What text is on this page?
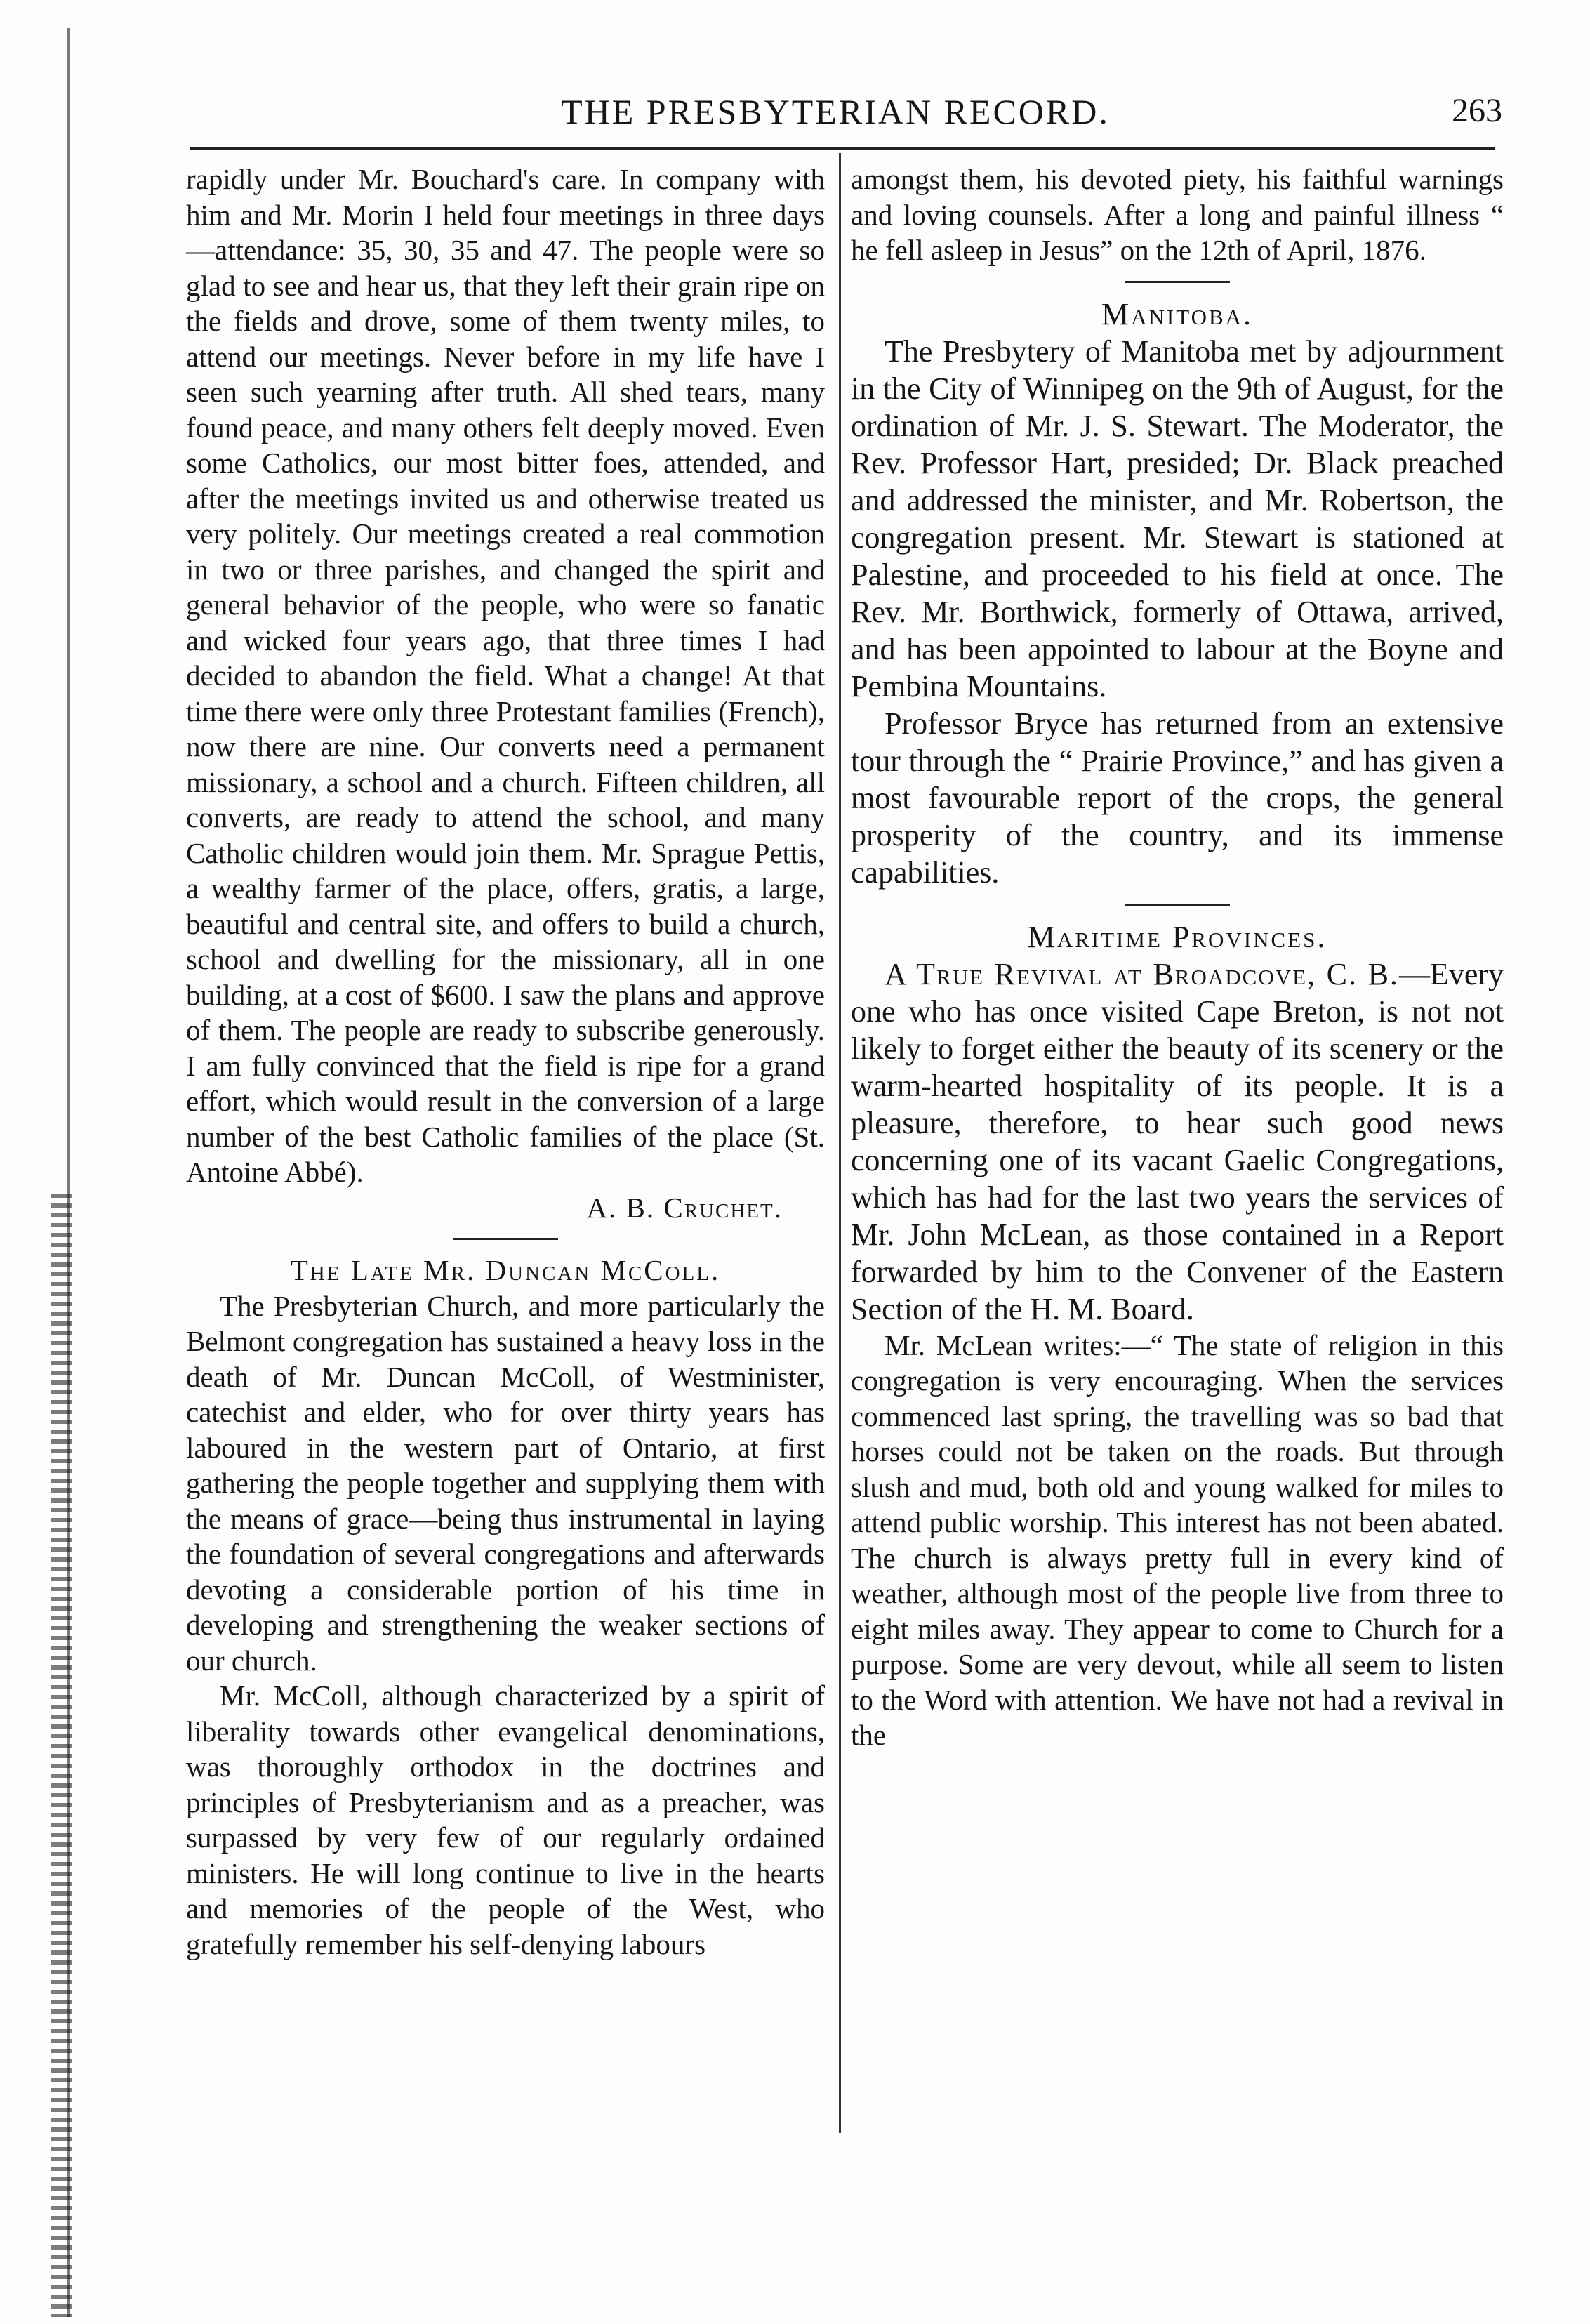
THE PRESBYTERIAN RECORD.	263

rapidly under Mr. Bouchard's care. In company with him and Mr. Morin I held four meetings in three days—attendance: 35, 30, 35 and 47. The people were so glad to see and hear us, that they left their grain ripe on the fields and drove, some of them twenty miles, to attend our meetings. Never before in my life have I seen such yearning after truth. All shed tears, many found peace, and many others felt deeply moved. Even some Catholics, our most bitter foes, attended, and after the meetings invited us and otherwise treated us very politely. Our meetings created a real commotion in two or three parishes, and changed the spirit and general behavior of the people, who were so fanatic and wicked four years ago, that three times I had decided to abandon the field. What a change! At that time there were only three Protestant families (French), now there are nine. Our converts need a permanent missionary, a school and a church. Fifteen children, all converts, are ready to attend the school, and many Catholic children would join them. Mr. Sprague Pettis, a wealthy farmer of the place, offers, gratis, a large, beautiful and central site, and offers to build a church, school and dwelling for the missionary, all in one building, at a cost of $600. I saw the plans and approve of them. The people are ready to subscribe generously. I am fully convinced that the field is ripe for a grand effort, which would result in the conversion of a large number of the best Catholic families of the place (St. Antoine Abbé).

A. B. Cruchet.

The Late Mr. Duncan McColl.

The Presbyterian Church, and more particularly the Belmont congregation has sustained a heavy loss in the death of Mr. Duncan McColl, of Westminister, catechist and elder, who for over thirty years has laboured in the western part of Ontario, at first gathering the people together and supplying them with the means of grace—being thus instrumental in laying the foundation of several congregations and afterwards devoting a considerable portion of his time in developing and strengthening the weaker sections of our church.

Mr. McColl, although characterized by a spirit of liberality towards other evangelical denominations, was thoroughly orthodox in the doctrines and principles of Presbyterianism and as a preacher, was surpassed by very few of our regularly ordained ministers. He will long continue to live in the hearts and memories of the people of the West, who gratefully remember his self-denying labours

amongst them, his devoted piety, his faithful warnings and loving counsels. After a long and painful illness “ he fell asleep in Jesus” on the 12th of April, 1876.

Manitoba.

The Presbytery of Manitoba met by adjournment in the City of Winnipeg on the 9th of August, for the ordination of Mr. J. S. Stewart. The Moderator, the Rev. Professor Hart, presided; Dr. Black preached and addressed the minister, and Mr. Robertson, the congregation present. Mr. Stewart is stationed at Palestine, and proceeded to his field at once. The Rev. Mr. Borthwick, formerly of Ottawa, arrived, and has been appointed to labour at the Boyne and Pembina Mountains.

Professor Bryce has returned from an extensive tour through the “ Prairie Province,” and has given a most favourable report of the crops, the general prosperity of the country, and its immense capabilities.

Maritime Provinces.

A True Revival at Broadcove, C. B.—Every one who has once visited Cape Breton, is not not likely to forget either the beauty of its scenery or the warm-hearted hospitality of its people. It is a pleasure, therefore, to hear such good news concerning one of its vacant Gaelic Congregations, which has had for the last two years the services of Mr. John McLean, as those contained in a Report forwarded by him to the Convener of the Eastern Section of the H. M. Board.

Mr. McLean writes:—“ The state of religion in this congregation is very encouraging. When the services commenced last spring, the travelling was so bad that horses could not be taken on the roads. But through slush and mud, both old and young walked for miles to attend public worship. This interest has not been abated. The church is always pretty full in every kind of weather, although most of the people live from three to eight miles away. They appear to come to Church for a purpose. Some are very devout, while all seem to listen to the Word with attention. We have not had a revival in the
